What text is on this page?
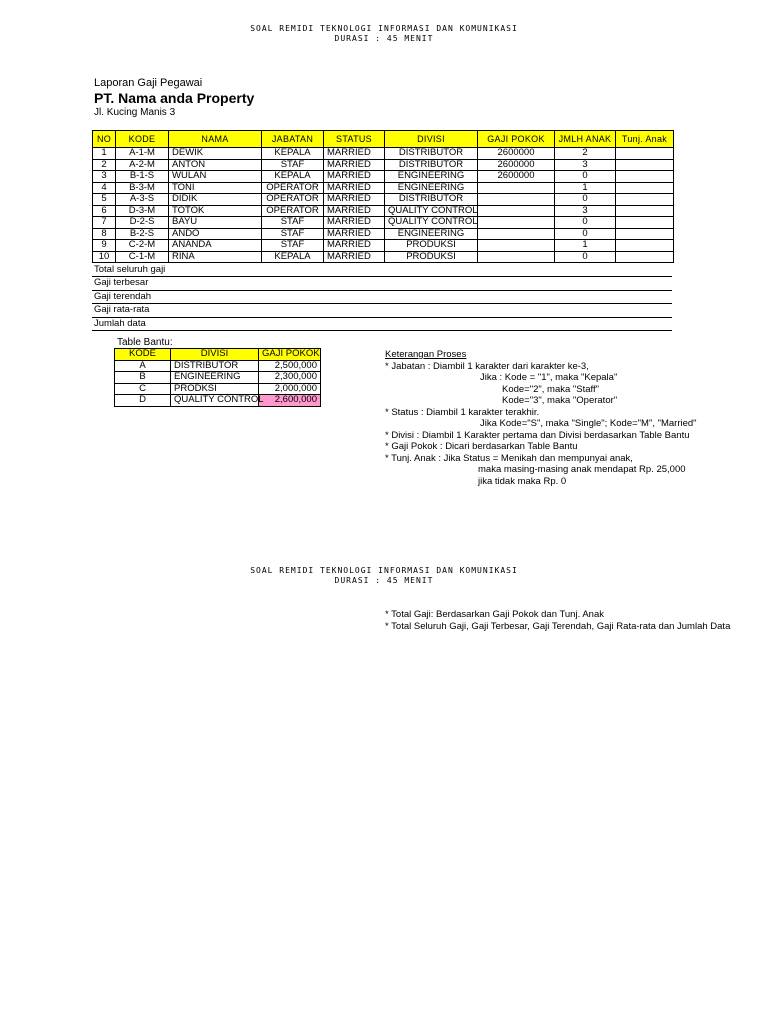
SOAL REMIDI TEKNOLOGI INFORMASI DAN KOMUNIKASI
DURASI : 45 MENIT
Laporan Gaji Pegawai
PT. Nama anda Property
Jl. Kucing Manis 3
NO	KODE	NAMA	JABATAN	STATUS	DIVISI	GAJI POKOK	JMLH ANAK	Tunj. Anak
1	A-1-M	DEWIK	KEPALA	MARRIED	DISTRIBUTOR	2600000	2	
2	A-2-M	ANTON	STAF	MARRIED	DISTRIBUTOR	2600000	3	
3	B-1-S	WULAN	KEPALA	MARRIED	ENGINEERING	2600000	0	
4	B-3-M	TONI	OPERATOR	MARRIED	ENGINEERING		1	
5	A-3-S	DIDIK	OPERATOR	MARRIED	DISTRIBUTOR		0	
6	D-3-M	TOTOK	OPERATOR	MARRIED	QUALITY CONTROL		3	
7	D-2-S	BAYU	STAF	MARRIED	QUALITY CONTROL		0	
8	B-2-S	ANDO	STAF	MARRIED	ENGINEERING		0	
9	C-2-M	ANANDA	STAF	MARRIED	PRODUKSI		1	
10	C-1-M	RINA	KEPALA	MARRIED	PRODUKSI		0	
Total seluruh gaji
Gaji terbesar
Gaji terendah
Gaji rata-rata
Jumlah data
Table Bantu:
KODE	DIVISI	GAJI POKOK
A	DISTRIBUTOR	2,500,000
B	ENGINEERING	2,300,000
C	PRODKSI	2,000,000
D	QUALITY CONTROL	2,600,000
Keterangan Proses
* Jabatan : Diambil 1 karakter dari karakter ke-3,
Jika : Kode = "1", maka "Kepala"
Kode="2", maka "Staff"
Kode="3", maka "Operator"
* Status : Diambil 1 karakter terakhir.
Jika Kode="S", maka "Single"; Kode="M", "Married"
* Divisi : Diambil 1 Karakter pertama dan Divisi berdasarkan Table Bantu
* Gaji Pokok : Dicari berdasarkan Table Bantu
* Tunj. Anak : Jika Status = Menikah dan mempunyai anak,
maka masing-masing anak mendapat Rp. 25,000
jika tidak maka Rp. 0
SOAL REMIDI TEKNOLOGI INFORMASI DAN KOMUNIKASI
DURASI : 45 MENIT
* Total Gaji: Berdasarkan Gaji Pokok dan Tunj. Anak
* Total Seluruh Gaji, Gaji Terbesar, Gaji Terendah, Gaji Rata-rata dan Jumlah Data
